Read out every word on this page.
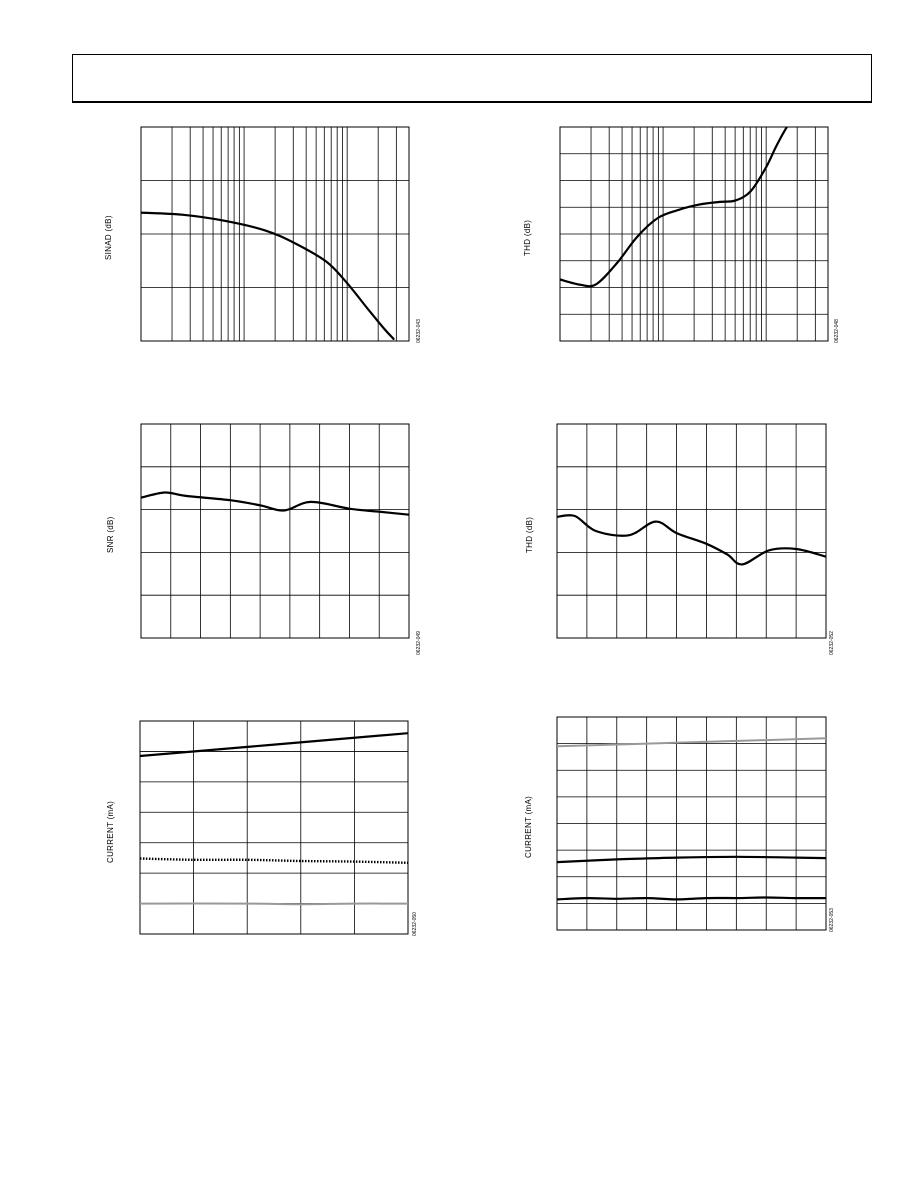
SINAD (dB)
06232-043
THD (dB)
06232-048
SNR (dB)
06232-049
THD (dB)
06232-052
CURRENT (mA)
06232-050
CURRENT (mA)
06232-053
